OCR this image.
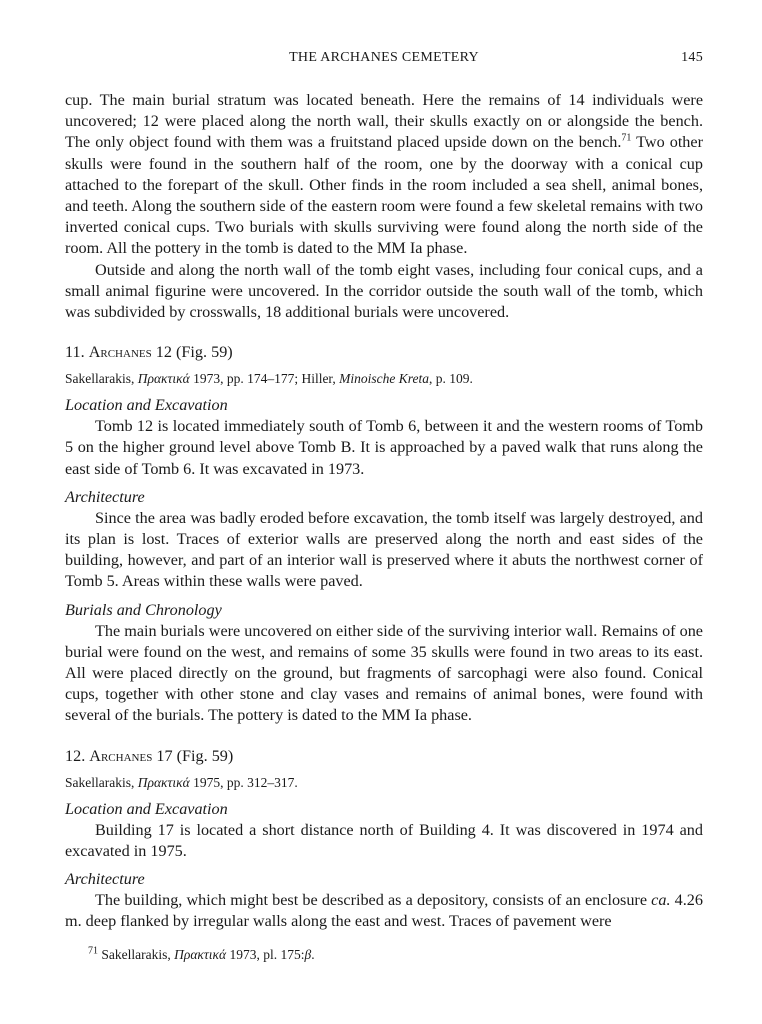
THE ARCHANES CEMETERY	145

cup. The main burial stratum was located beneath. Here the remains of 14 individuals were uncovered; 12 were placed along the north wall, their skulls exactly on or alongside the bench. The only object found with them was a fruitstand placed upside down on the bench.$^{71}$ Two other skulls were found in the southern half of the room, one by the doorway with a conical cup attached to the forepart of the skull. Other finds in the room included a sea shell, animal bones, and teeth. Along the southern side of the eastern room were found a few skeletal remains with two inverted conical cups. Two burials with skulls surviving were found along the north side of the room. All the pottery in the tomb is dated to the MM Ia phase.

Outside and along the north wall of the tomb eight vases, including four conical cups, and a small animal figurine were uncovered. In the corridor outside the south wall of the tomb, which was subdivided by crosswalls, 18 additional burials were uncovered.

11. Archanes 12 (Fig. 59)
Sakellarakis, Πρακτικά 1973, pp. 174–177; Hiller, Minoische Kreta, p. 109.
Location and Excavation

Tomb 12 is located immediately south of Tomb 6, between it and the western rooms of Tomb 5 on the higher ground level above Tomb B. It is approached by a paved walk that runs along the east side of Tomb 6. It was excavated in 1973.

Architecture

Since the area was badly eroded before excavation, the tomb itself was largely destroyed, and its plan is lost. Traces of exterior walls are preserved along the north and east sides of the building, however, and part of an interior wall is preserved where it abuts the northwest corner of Tomb 5. Areas within these walls were paved.

Burials and Chronology

The main burials were uncovered on either side of the surviving interior wall. Remains of one burial were found on the west, and remains of some 35 skulls were found in two areas to its east. All were placed directly on the ground, but fragments of sarcophagi were also found. Conical cups, together with other stone and clay vases and remains of animal bones, were found with several of the burials. The pottery is dated to the MM Ia phase.

12. Archanes 17 (Fig. 59)
Sakellarakis, Πρακτικά 1975, pp. 312–317.
Location and Excavation

Building 17 is located a short distance north of Building 4. It was discovered in 1974 and excavated in 1975.

Architecture

The building, which might best be described as a depository, consists of an enclosure ca. 4.26 m. deep flanked by irregular walls along the east and west. Traces of pavement were

$^{71}$ Sakellarakis, Πρακτικά 1973, pl. 175:β.
